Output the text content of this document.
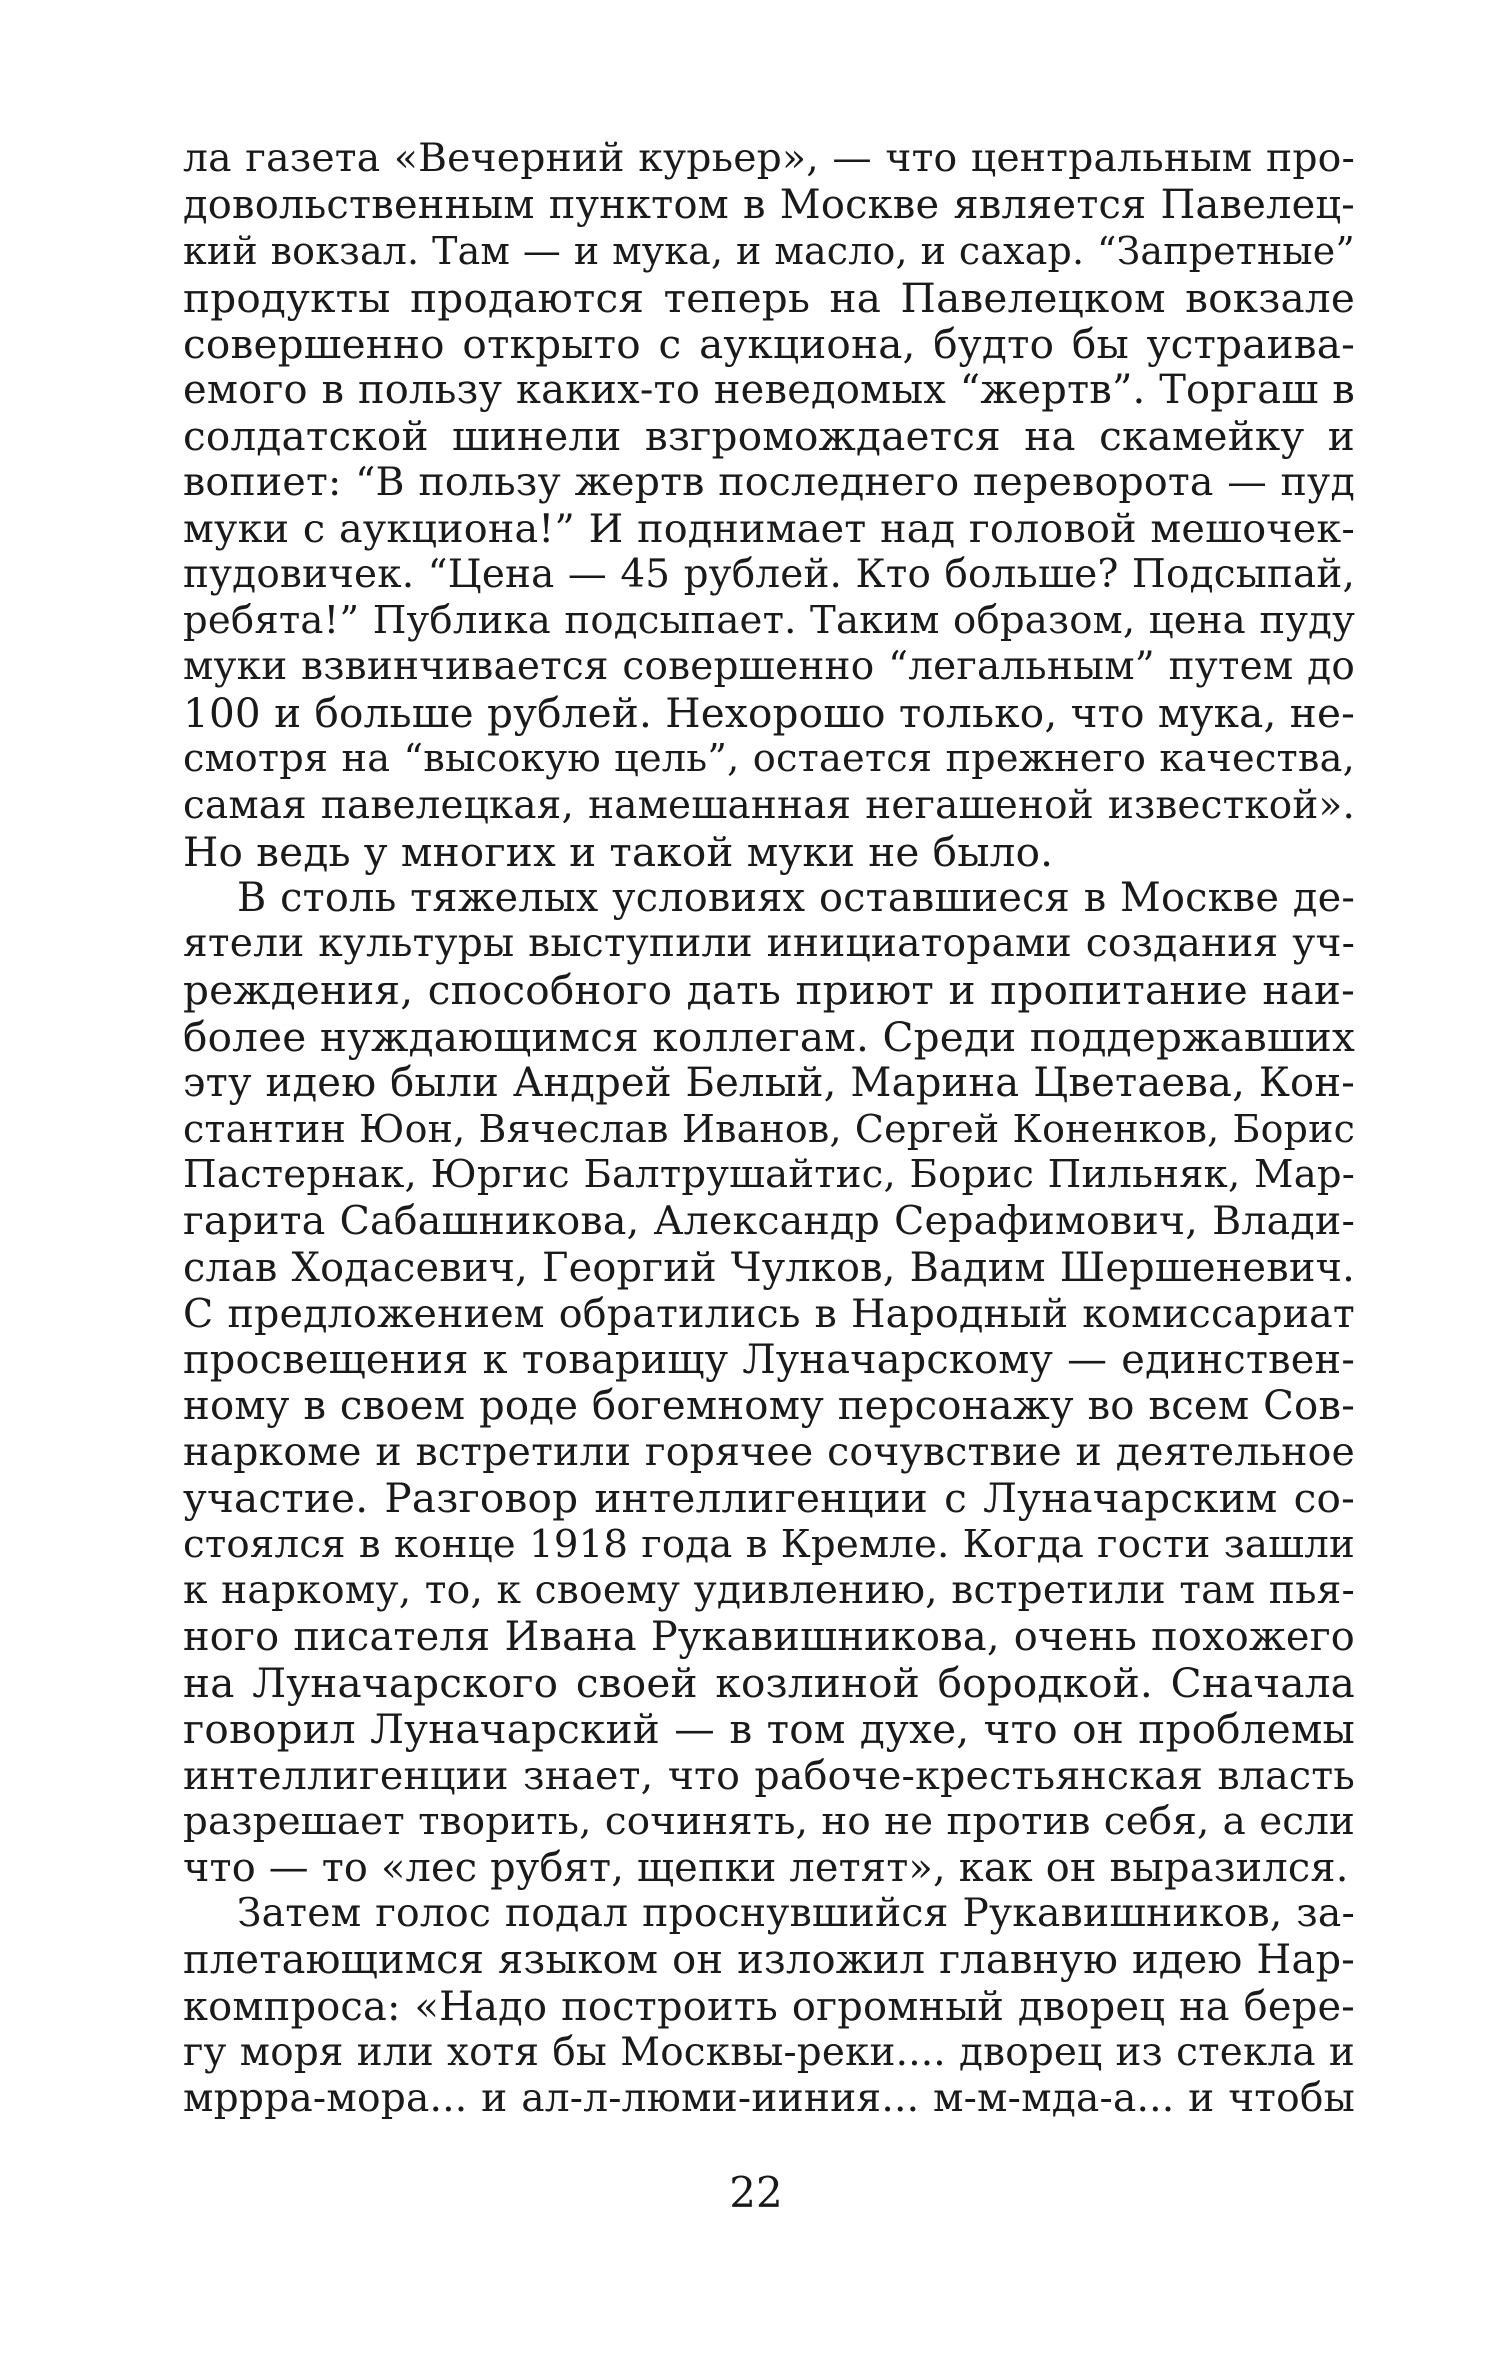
ла газета «Вечерний курьер», — что центральным про-
довольственным пунктом в Москве является Павелец-
кий вокзал. Там — и мука, и масло, и сахар. “Запретные”
продукты продаются теперь на Павелецком вокзале
совершенно открыто с аукциона, будто бы устраива-
емого в пользу каких-то неведомых “жертв”. Торгаш в
солдатской шинели взгромождается на скамейку и
вопиет: “В пользу жертв последнего переворота — пуд
муки с аукциона!” И поднимает над головой мешочек-
пудовичек. “Цена — 45 рублей. Кто больше? Подсыпай,
ребята!” Публика подсыпает. Таким образом, цена пуду
муки взвинчивается совершенно “легальным” путем до
100 и больше рублей. Нехорошо только, что мука, не-
смотря на “высокую цель”, остается прежнего качества,
самая павелецкая, намешанная негашеной известкой».
Но ведь у многих и такой муки не было.
В столь тяжелых условиях оставшиеся в Москве де-
ятели культуры выступили инициаторами создания уч-
реждения, способного дать приют и пропитание наи-
более нуждающимся коллегам. Среди поддержавших
эту идею были Андрей Белый, Марина Цветаева, Кон-
стантин Юон, Вячеслав Иванов, Сергей Коненков, Борис
Пастернак, Юргис Балтрушайтис, Борис Пильняк, Мар-
гарита Сабашникова, Александр Серафимович, Влади-
слав Ходасевич, Георгий Чулков, Вадим Шершеневич.
С предложением обратились в Народный комиссариат
просвещения к товарищу Луначарскому — единствен-
ному в своем роде богемному персонажу во всем Сов-
наркоме и встретили горячее сочувствие и деятельное
участие. Разговор интеллигенции с Луначарским со-
стоялся в конце 1918 года в Кремле. Когда гости зашли
к наркому, то, к своему удивлению, встретили там пья-
ного писателя Ивана Рукавишникова, очень похожего
на Луначарского своей козлиной бородкой. Сначала
говорил Луначарский — в том духе, что он проблемы
интеллигенции знает, что рабоче-крестьянская власть
разрешает творить, сочинять, но не против себя, а если
что — то «лес рубят, щепки летят», как он выразился.
Затем голос подал проснувшийся Рукавишников, за-
плетающимся языком он изложил главную идею Нар-
компроса: «Надо построить огромный дворец на бере-
гу моря или хотя бы Москвы-реки.... дворец из стекла и
мррра-мора... и ал-л-люми-ииния... м-м-мда-а... и чтобы
22
